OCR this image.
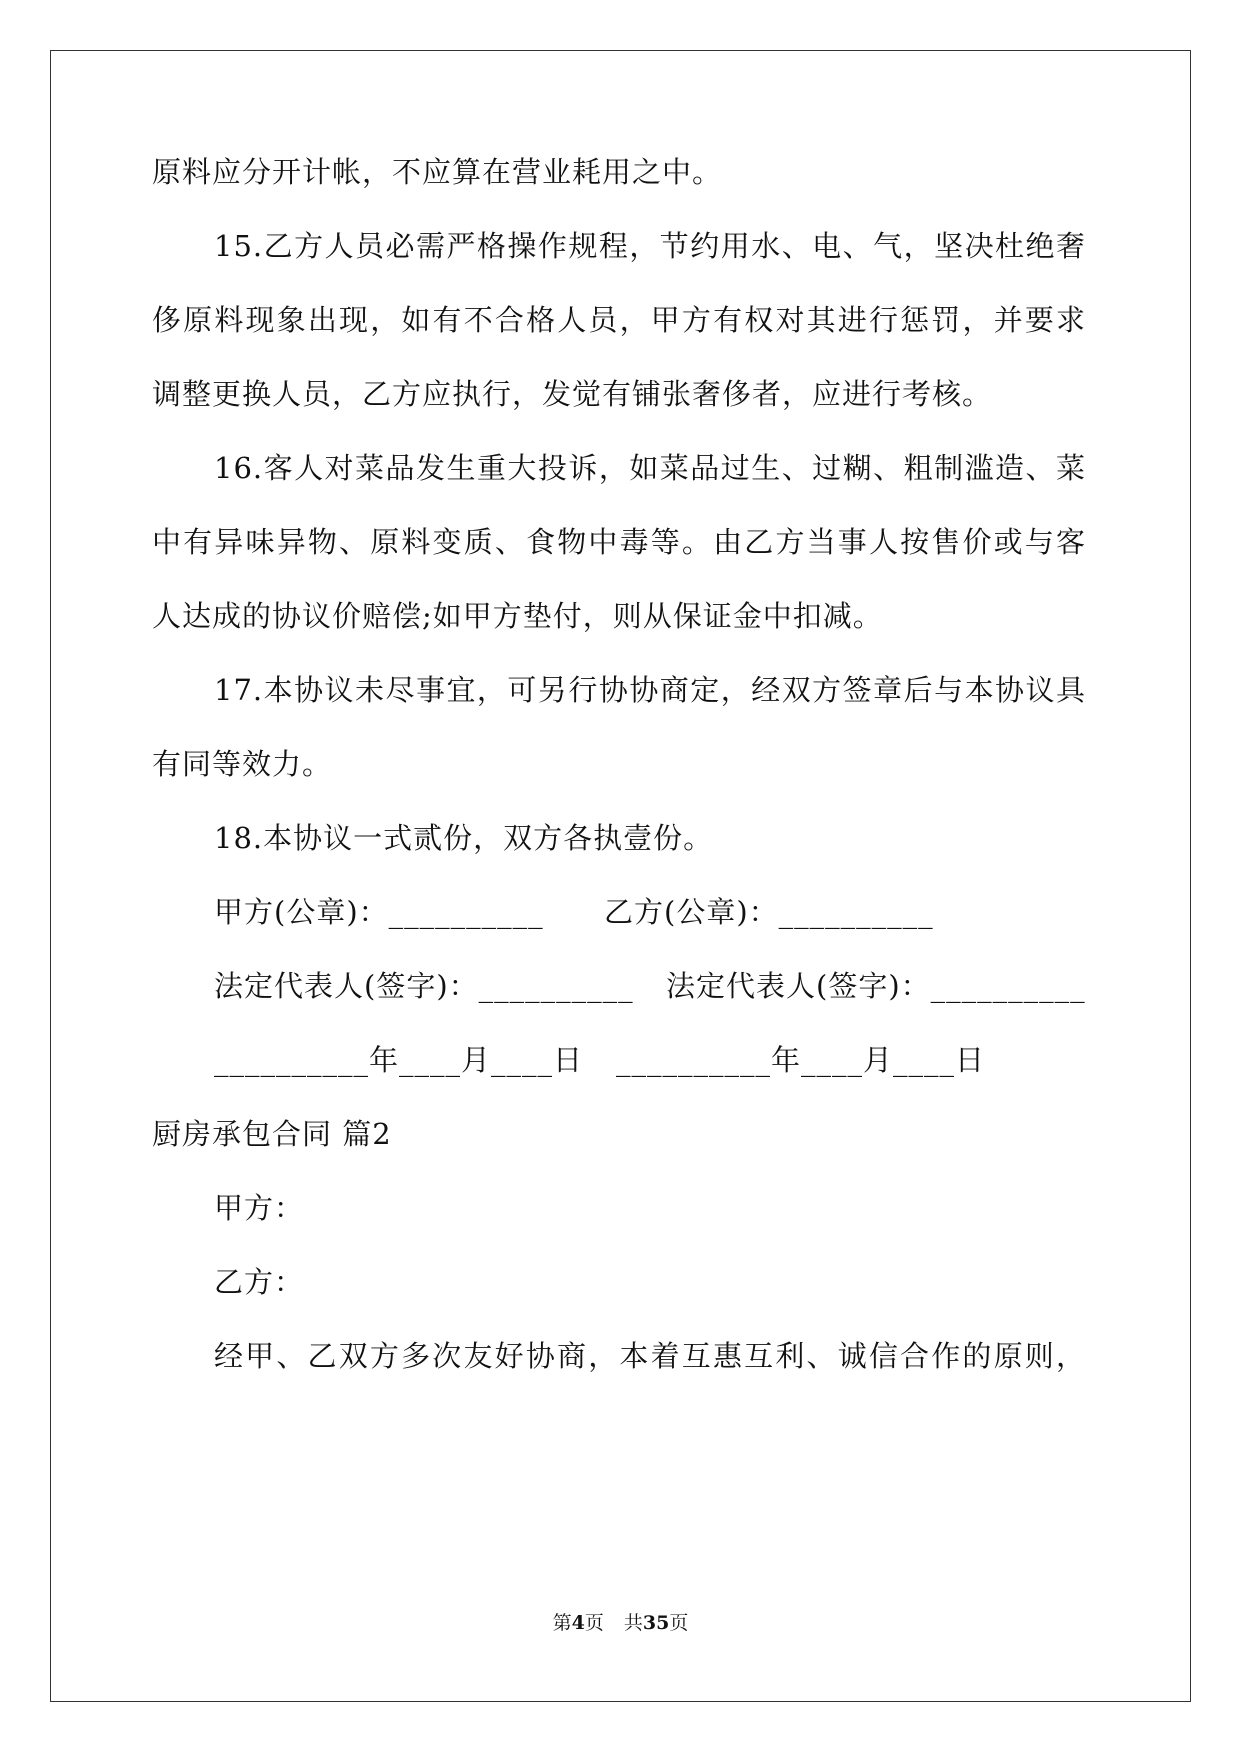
原料应分开计帐，不应算在营业耗用之中。
15.乙方人员必需严格操作规程，节约用水、电、气，坚决杜绝奢
侈原料现象出现，如有不合格人员，甲方有权对其进行惩罚，并要求
调整更换人员，乙方应执行，发觉有铺张奢侈者，应进行考核。
16.客人对菜品发生重大投诉，如菜品过生、过糊、粗制滥造、菜
中有异味异物、原料变质、食物中毒等。由乙方当事人按售价或与客
人达成的协议价赔偿;如甲方垫付，则从保证金中扣减。
17.本协议未尽事宜，可另行协协商定，经双方签章后与本协议具
有同等效力。
18.本协议一式贰份，双方各执壹份。
甲方(公章)：__________ 乙方(公章)：__________
法定代表人(签字)：__________ 法定代表人(签字)：__________
__________年____月____日 __________年____月____日
厨房承包合同 篇2
甲方：
乙方：
经甲、乙双方多次友好协商，本着互惠互利、诚信合作的原则，
第4页 共35页
